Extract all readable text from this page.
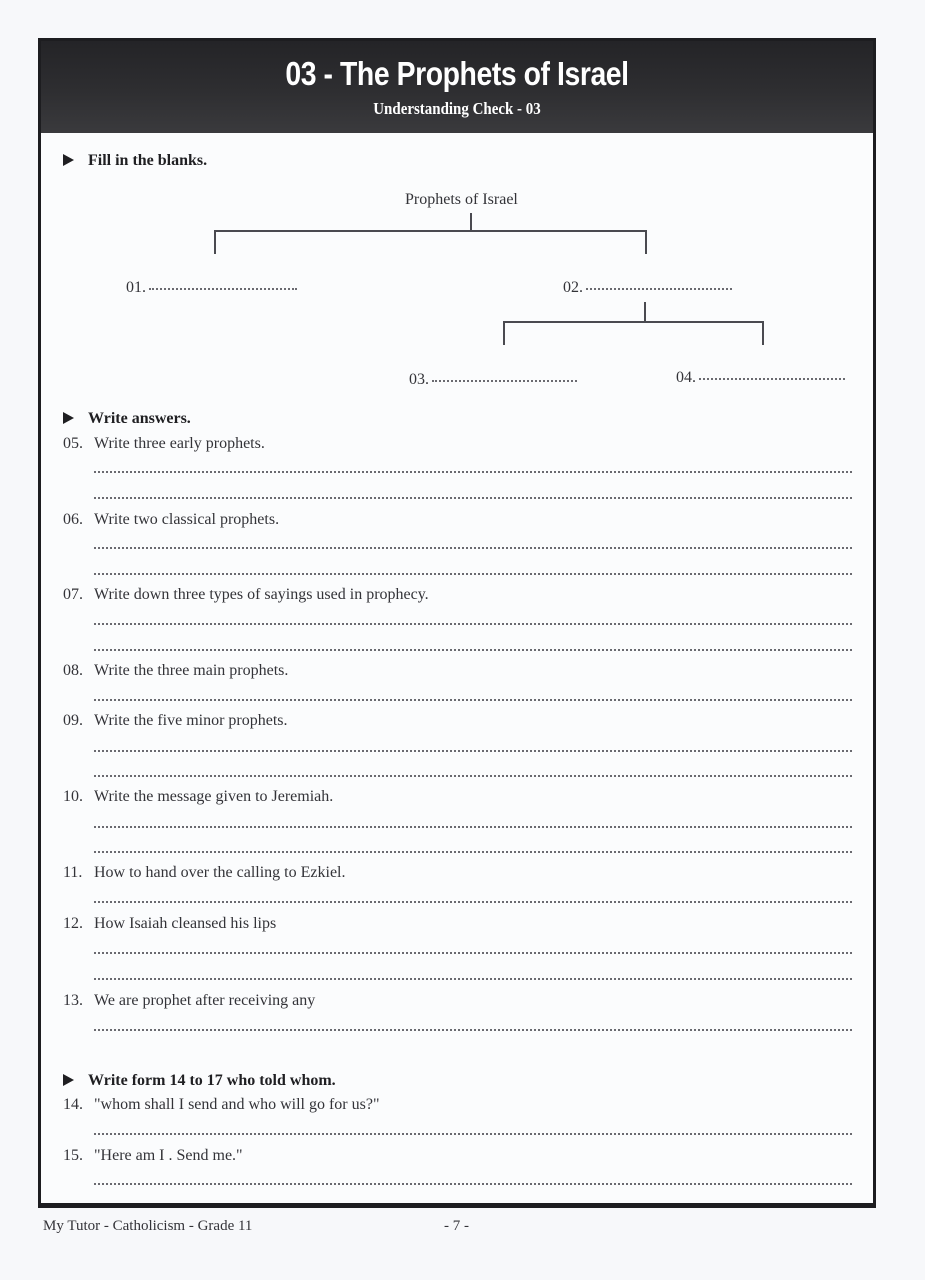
03 - The Prophets of Israel
Understanding Check - 03
Fill in the blanks.
Prophets of Israel
01.	02.
03.	04.
Write answers.
05. Write three early prophets.
06. Write two classical prophets.
07. Write down three types of sayings used in prophecy.
08. Write the three main prophets.
09. Write the five minor prophets.
10. Write the message given to Jeremiah.
11. How to hand over the calling to Ezkiel.
12. How Isaiah cleansed his lips
13. We are prophet after receiving any
Write form 14 to 17 who told whom.
14. "whom shall I send and who will go for us?"
15. "Here am I . Send me."
My Tutor - Catholicism - Grade 11	- 7 -
